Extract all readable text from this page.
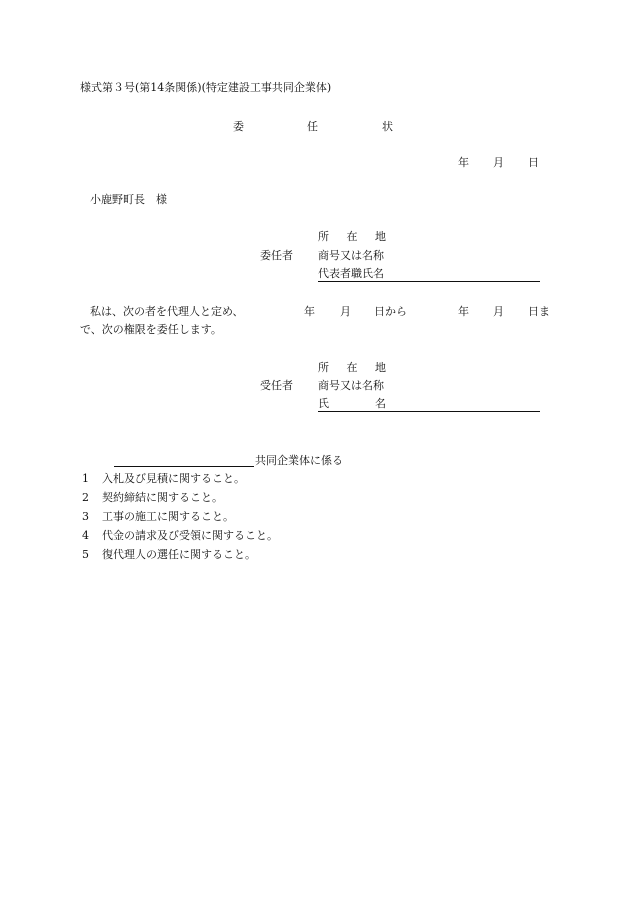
様式第３号(第14条関係)(特定建設工事共同企業体)
委	任	状
年 月 日
小鹿野町長　様
所 在 地
委任者 商号又は名称
代表者職氏名
私は、次の者を代理人と定め、	年 月 日から	年 月 日ま
で、次の権限を委任します。
所 在 地
受任者 商号又は名称
氏	名
共同企業体に係る
1 入札及び見積に関すること。
2 契約締結に関すること。
3 工事の施工に関すること。
4 代金の請求及び受領に関すること。
5 復代理人の選任に関すること。
